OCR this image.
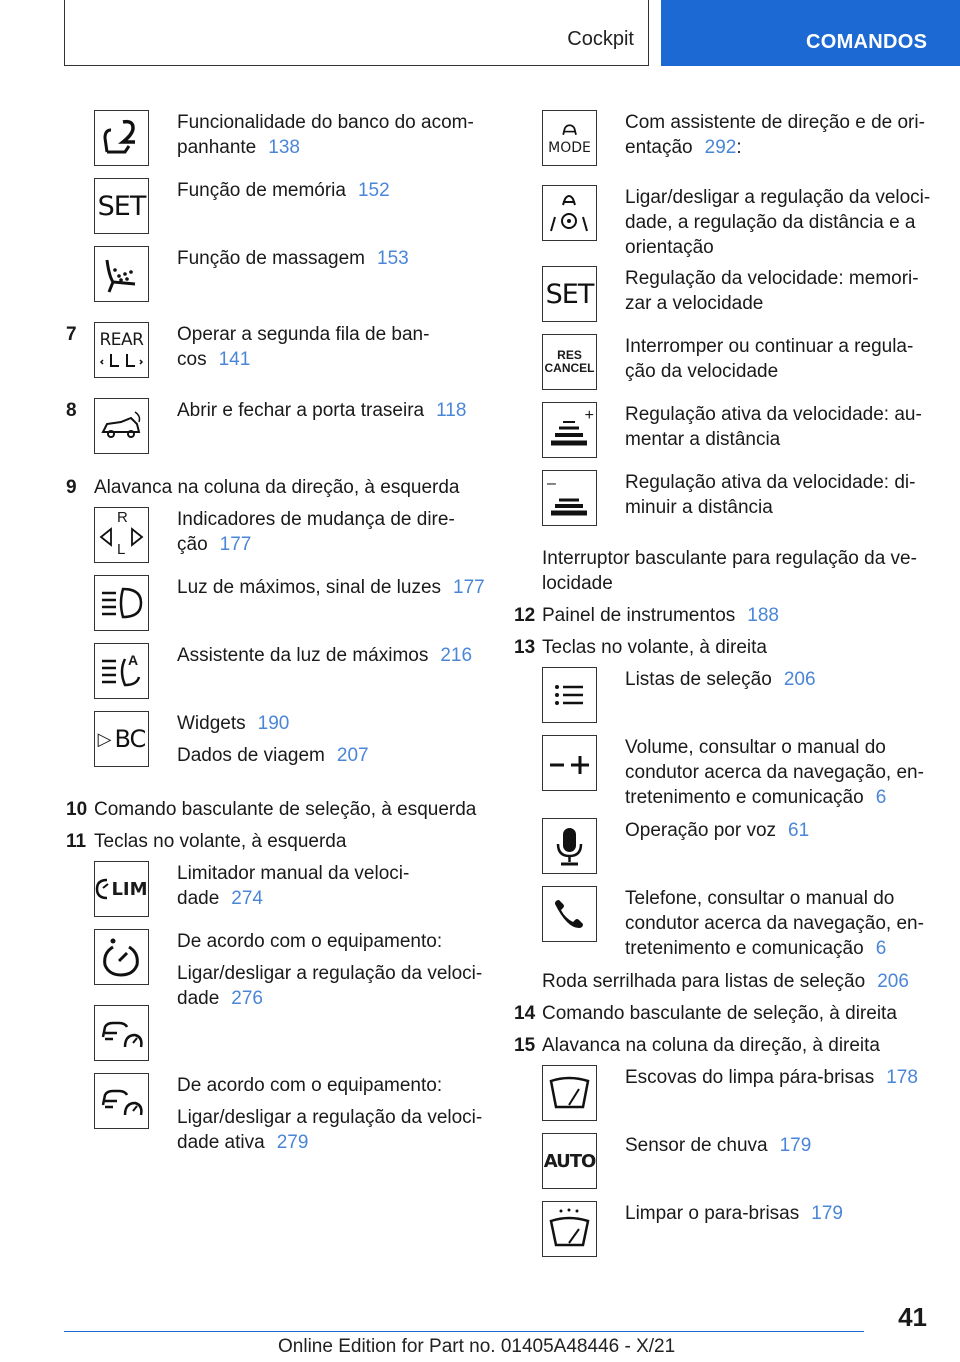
Cockpit	COMANDOS
Funcionalidade do banco do acompanhante 138
SET Função de memória 152
Função de massagem 153
7	REAR Operar a segunda fila de bancos 141
8	Abrir e fechar a porta traseira 118
9 Alavanca na coluna da direção, à esquerda
R
L
Indicadores de mudança de direção 177
Luz de máximos, sinal de luzes 177
A Assistente da luz de máximos 216
▷ BC

Widgets 190

Dados de viagem 207

10 Comando basculante de seleção, à esquerda
11 Teclas no volante, à esquerda
LIM
Limitador manual da velocidade 274

De acordo com o equipamento:

Ligar/desligar a regulação da velocidade 276

De acordo com o equipamento:

Ligar/desligar a regulação da velocidade ativa 279

MODE
Com assistente de direção e de orientação 292:
Ligar/desligar a regulação da velocidade, a regulação da distância e a orientação
SET Regulação da velocidade: memorizar a velocidade
RES
CANCEL
Interromper ou continuar a regulação da velocidade
+ Regulação ativa da velocidade: aumentar a distância
–	Regulação ativa da velocidade: diminuir a distância

Interruptor basculante para regulação da velocidade

12 Painel de instrumentos 188
13 Teclas no volante, à direita
Listas de seleção 206
Volume, consultar o manual do condutor acerca da navegação, entretenimento e comunicação 6
Operação por voz 61
Telefone, consultar o manual do condutor acerca da navegação, entretenimento e comunicação 6

Roda serrilhada para listas de seleção 206

14 Comando basculante de seleção, à direita
15 Alavanca na coluna da direção, à direita
Escovas do limpa pára-brisas 178
AUTO
Sensor de chuva 179
Limpar o para-brisas 179
41
Online Edition for Part no. 01405A48446 - X/21
